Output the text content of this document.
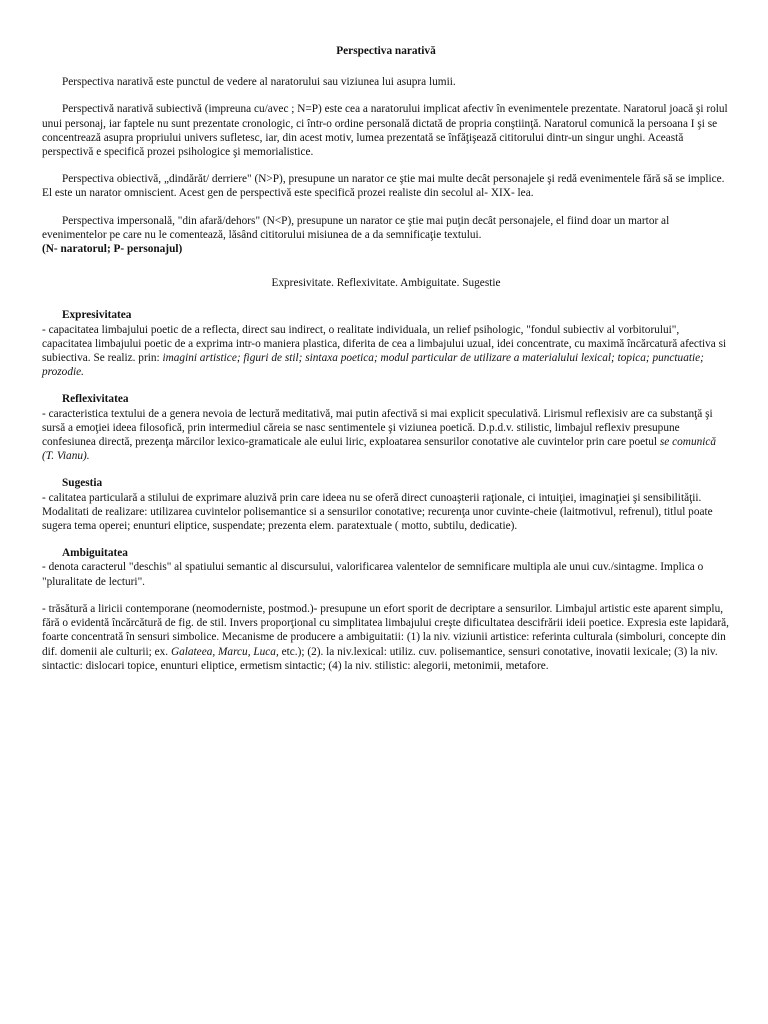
Perspectiva narativă

Perspectiva narativă este punctul de vedere al naratorului sau viziunea lui asupra lumii.

Perspectivă narativă subiectivă (impreuna cu/avec ; N=P) este cea a naratorului implicat afectiv în evenimentele prezentate. Naratorul joacă şi rolul unui personaj, iar faptele nu sunt prezentate cronologic, ci într-o ordine personală dictată de propria conştiinţă. Naratorul comunică la persoana I şi se concentrează asupra propriului univers sufletesc, iar, din acest motiv, lumea prezentată se înfăţişează cititorului dintr-un singur unghi. Această perspectivă e specifică prozei psihologice şi memorialistice.

Perspectiva obiectivă, „dindărăt/ derriere" (N>P), presupune un narator ce ştie mai multe decât personajele şi redă evenimentele fără să se implice. El este un narator omniscient. Acest gen de perspectivă este specifică prozei realiste din secolul al- XIX- lea.

Perspectiva impersonală, "din afară/dehors" (N<P), presupune un narator ce ştie mai puţin decât personajele, el fiind doar un martor al evenimentelor pe care nu le comentează, lăsând cititorului misiunea de a da semnificaţie textului.

(N- naratorul; P- personajul)

Expresivitate. Reflexivitate. Ambiguitate. Sugestie

Expresivitatea

- capacitatea limbajului poetic de a reflecta, direct sau indirect, o realitate individuala, un relief psihologic, "fondul subiectiv al vorbitorului", capacitatea limbajului poetic de a exprima intr-o maniera plastica, diferita de cea a limbajului uzual, idei concentrate, cu maximă încărcatură afectiva si subiectiva. Se realiz. prin: imagini artistice; figuri de stil; sintaxa poetica; modul particular de utilizare a materialului lexical; topica; punctuatie; prozodie.

Reflexivitatea

- caracteristica textului de a genera nevoia de lectură meditativă, mai putin afectivă si mai explicit speculativă. Lirismul reflexisiv are ca substanţă şi sursă a emoţiei ideea filosofică, prin intermediul căreia se nasc sentimentele şi viziunea poetică. D.p.d.v. stilistic, limbajul reflexiv presupune confesiunea directă, prezenţa mărcilor lexico-gramaticale ale eului liric, exploatarea sensurilor conotative ale cuvintelor prin care poetul se comunică (T. Vianu).

Sugestia

- calitatea particulară a stilului de exprimare aluzivă prin care ideea nu se oferă direct cunoaşterii raţionale, ci intuiţiei, imaginaţiei şi sensibilităţii. Modalitati de realizare: utilizarea cuvintelor polisemantice si a sensurilor conotative; recurenţa unor cuvinte-cheie (laitmotivul, refrenul), titlul poate sugera tema operei; enunturi eliptice, suspendate; prezenta elem. paratextuale ( motto, subtilu, dedicatie).

Ambiguitatea

- denota caracterul "deschis" al spatiului semantic al discursului, valorificarea valentelor de semnificare multipla ale unui cuv./sintagme. Implica o "pluralitate de lecturi".

- trăsătură a liricii contemporane (neomoderniste, postmod.)- presupune un efort sporit de decriptare a sensurilor. Limbajul artistic este aparent simplu, fără o evidentă încărcătură de fig. de stil. Invers proporţional cu simplitatea limbajului creşte dificultatea descifrării ideii poetice. Expresia este lapidară, foarte concentrată în sensuri simbolice. Mecanisme de producere a ambiguitatii: (1) la niv. viziunii artistice: referinta culturala (simboluri, concepte din dif. domenii ale culturii; ex. Galateea, Marcu, Luca, etc.); (2). la niv.lexical: utiliz. cuv. polisemantice, sensuri conotative, inovatii lexicale; (3) la niv. sintactic: dislocari topice, enunturi eliptice, ermetism sintactic; (4) la niv. stilistic: alegorii, metonimii, metafore.
